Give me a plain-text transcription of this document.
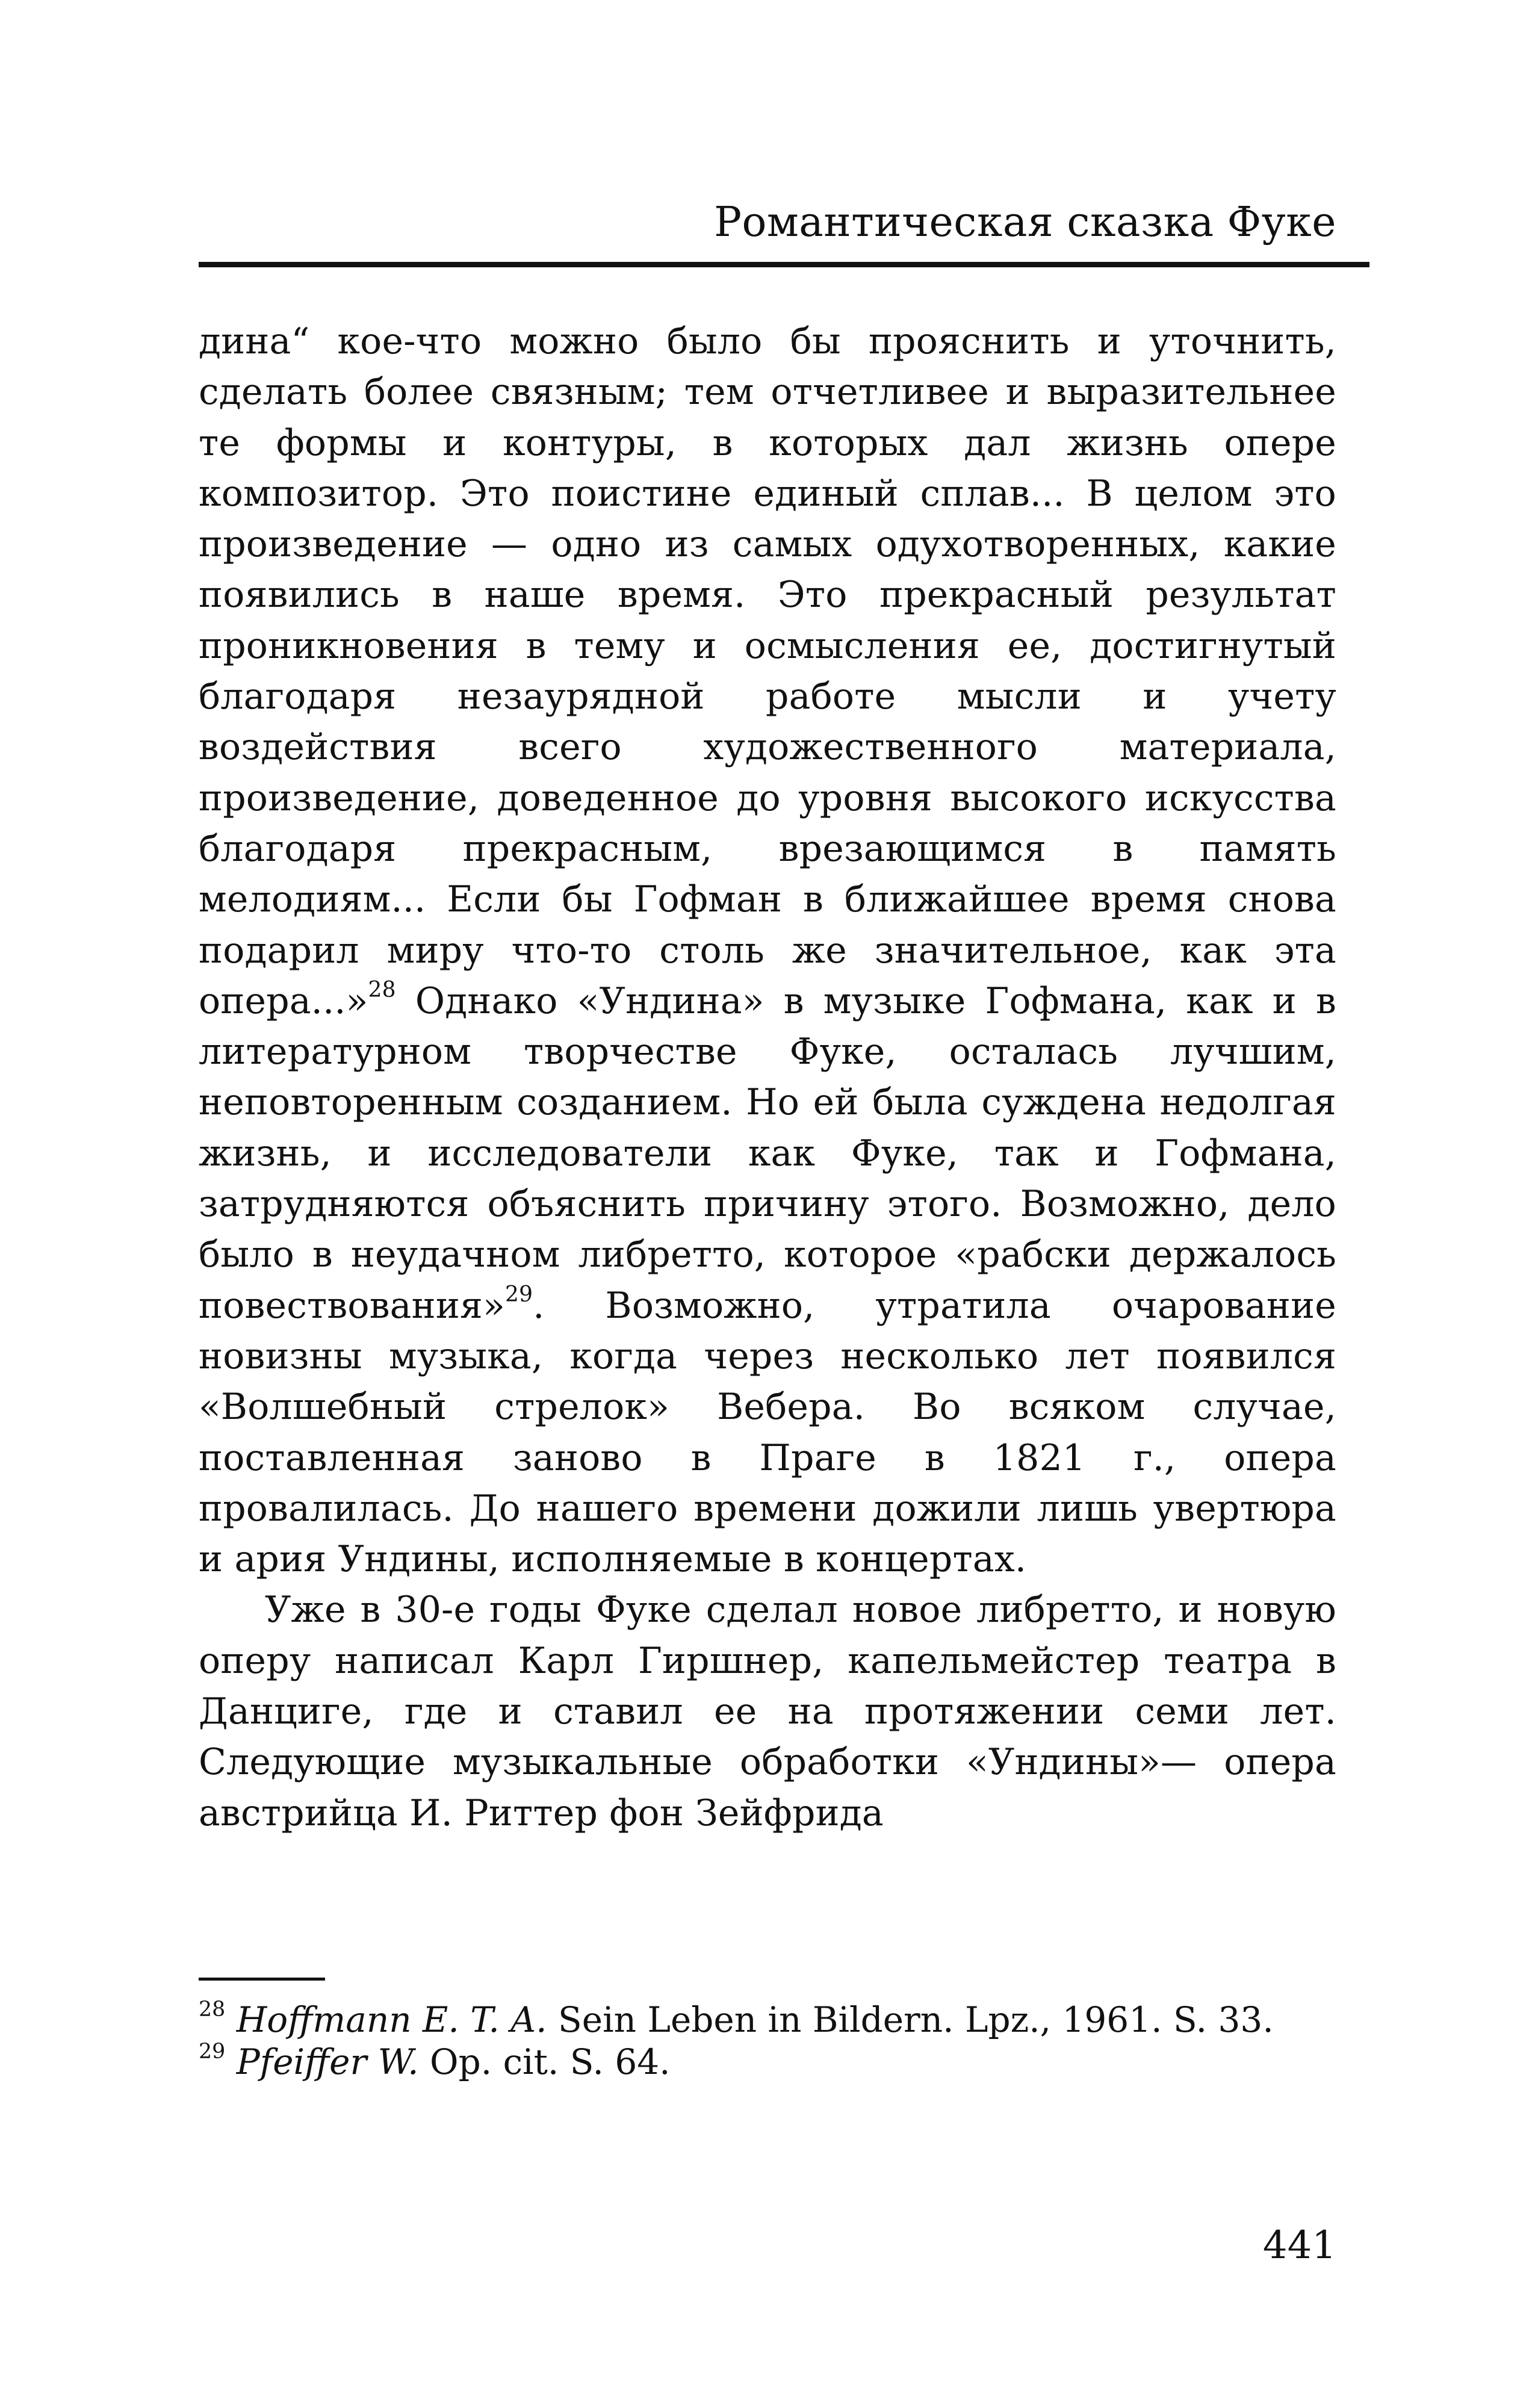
Романтическая сказка Фуке

дина“ кое-что можно было бы прояснить и уточнить, сделать более связным; тем отчетливее и выразительнее те формы и контуры, в которых дал жизнь опере композитор. Это поистине единый сплав... В целом это произведение — одно из самых одухотворенных, какие появились в наше время. Это прекрасный результат проникновения в тему и осмысления ее, достигнутый благодаря незаурядной работе мысли и учету воздействия всего художественного материала, произведение, доведенное до уровня высокого искусства благодаря прекрасным, врезающимся в память мелодиям... Если бы Гофман в ближайшее время снова подарил миру что-то столь же значительное, как эта опера...»$^{28}$ Однако «Ундина» в музыке Гофмана, как и в литературном творчестве Фуке, осталась лучшим, неповторенным созданием. Но ей была суждена недолгая жизнь, и исследователи как Фуке, так и Гофмана, затрудняются объяснить причину этого. Возможно, дело было в неудачном либретто, которое «рабски держалось повествования»$^{29}$. Возможно, утратила очарование новизны музыка, когда через несколько лет появился «Волшебный стрелок» Вебера. Во всяком случае, поставленная заново в Праге в 1821 г., опера провалилась. До нашего времени дожили лишь увертюра и ария Ундины, исполняемые в концертах.

Уже в 30-е годы Фуке сделал новое либретто, и новую оперу написал Карл Гиршнер, капельмейстер театра в Данциге, где и ставил ее на протяжении семи лет. Следующие музыкальные обработки «Ундины»— опера австрийца И. Риттер фон Зейфрида

$^{28}$ Hoffmann E. T. A. Sein Leben in Bildern. Lpz., 1961. S. 33.

$^{29}$ Pfeiffer W. Op. cit. S. 64.

441
